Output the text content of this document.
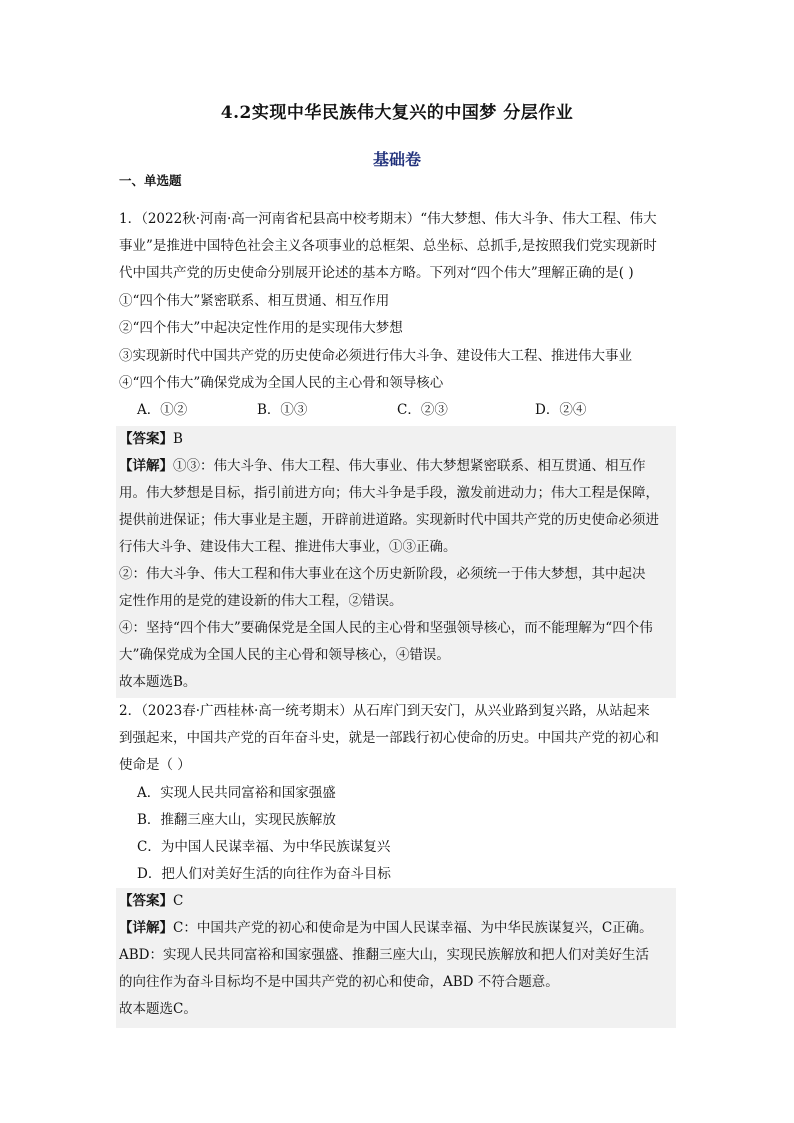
4.2实现中华民族伟大复兴的中国梦 分层作业
基础卷
一、单选题
1．（2022秋·河南·高一河南省杞县高中校考期末）“伟大梦想、伟大斗争、伟大工程、伟大
事业”是推进中国特色社会主义各项事业的总框架、总坐标、总抓手,是按照我们党实现新时
代中国共产党的历史使命分别展开论述的基本方略。下列对“四个伟大”理解正确的是( )
①“四个伟大”紧密联系、相互贯通、相互作用
②“四个伟大”中起决定性作用的是实现伟大梦想
③实现新时代中国共产党的历史使命必须进行伟大斗争、建设伟大工程、推进伟大事业
④“四个伟大”确保党成为全国人民的主心骨和领导核心
A．①②	B．①③	C．②③	D．②④
【答案】B
【详解】①③：伟大斗争、伟大工程、伟大事业、伟大梦想紧密联系、相互贯通、相互作
用。伟大梦想是目标，指引前进方向；伟大斗争是手段，激发前进动力；伟大工程是保障，
提供前进保证；伟大事业是主题，开辟前进道路。实现新时代中国共产党的历史使命必须进
行伟大斗争、建设伟大工程、推进伟大事业，①③正确。
②：伟大斗争、伟大工程和伟大事业在这个历史新阶段，必须统一于伟大梦想，其中起决
定性作用的是党的建设新的伟大工程，②错误。
④：坚持“四个伟大”要确保党是全国人民的主心骨和坚强领导核心，而不能理解为“四个伟
大”确保党成为全国人民的主心骨和领导核心，④错误。
故本题选B。
2．（2023春·广西桂林·高一统考期末）从石库门到天安门，从兴业路到复兴路，从站起来
到强起来，中国共产党的百年奋斗史，就是一部践行初心使命的历史。中国共产党的初心和
使命是（ ）
A．实现人民共同富裕和国家强盛
B．推翻三座大山，实现民族解放
C．为中国人民谋幸福、为中华民族谋复兴
D．把人们对美好生活的向往作为奋斗目标
【答案】C
【详解】C：中国共产党的初心和使命是为中国人民谋幸福、为中华民族谋复兴，C正确。
ABD：实现人民共同富裕和国家强盛、推翻三座大山，实现民族解放和把人们对美好生活
的向往作为奋斗目标均不是中国共产党的初心和使命，ABD 不符合题意。
故本题选C。
